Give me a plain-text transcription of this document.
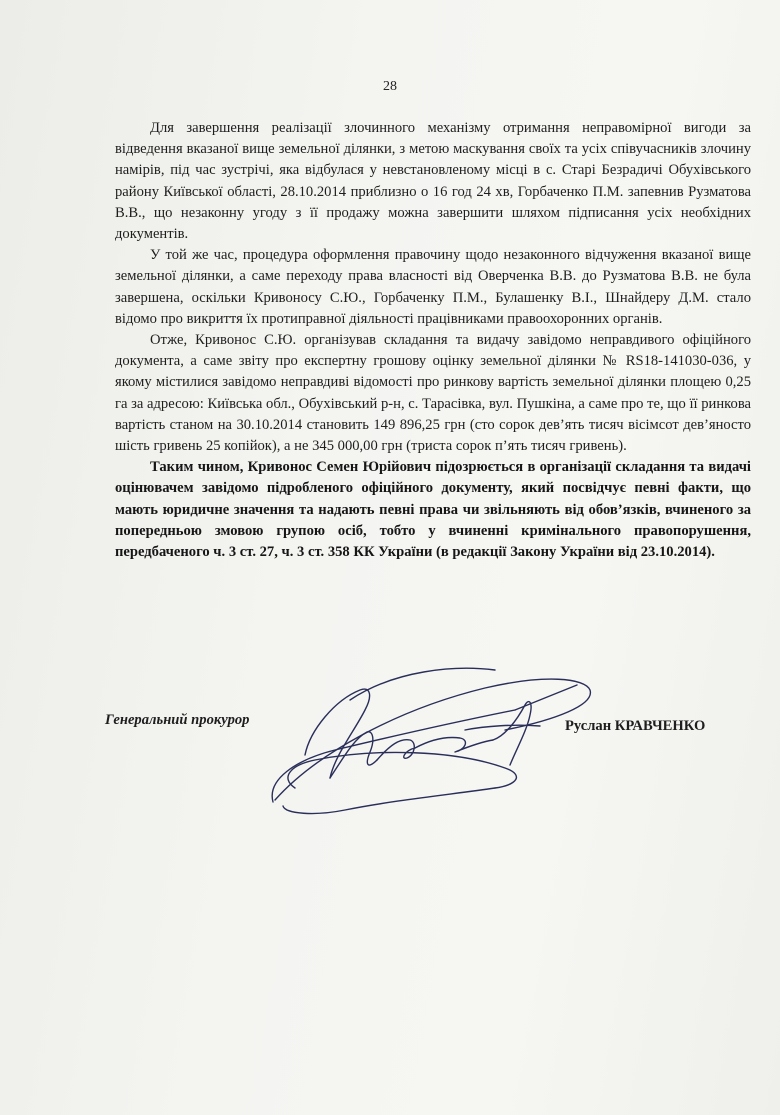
28

Для завершення реалізації злочинного механізму отримання неправомірної вигоди за відведення вказаної вище земельної ділянки, з метою маскування своїх та усіх співучасників злочину намірів, під час зустрічі, яка відбулася у невстановленому місці в с. Старі Безрадичі Обухівського району Київської області, 28.10.2014 приблизно о 16 год 24 хв, Горбаченко П.М. запевнив Рузматова В.В., що незаконну угоду з її продажу можна завершити шляхом підписання усіх необхідних документів.

У той же час, процедура оформлення правочину щодо незаконного відчуження вказаної вище земельної ділянки, а саме переходу права власності від Оверченка В.В. до Рузматова В.В. не була завершена, оскільки Кривоносу С.Ю., Горбаченку П.М., Булашенку В.І., Шнайдеру Д.М. стало відомо про викриття їх протиправної діяльності працівниками правоохоронних органів.

Отже, Кривонос С.Ю. організував складання та видачу завідомо неправдивого офіційного документа, а саме звіту про експертну грошову оцінку земельної ділянки № RS18-141030-036, у якому містилися завідомо неправдиві відомості про ринкову вартість земельної ділянки площею 0,25 га за адресою: Київська обл., Обухівський р-н, с. Тарасівка, вул. Пушкіна, а саме про те, що її ринкова вартість станом на 30.10.2014 становить 149 896,25 грн (сто сорок дев’ять тисяч вісімсот дев’яносто шість гривень 25 копійок), а не 345 000,00 грн (триста сорок п’ять тисяч гривень).

Таким чином, Кривонос Семен Юрійович підозрюється в організації складання та видачі оцінювачем завідомо підробленого офіційного документу, який посвідчує певні факти, що мають юридичне значення та надають певні права чи звільняють від обов’язків, вчиненого за попередньою змовою групою осіб, тобто у вчиненні кримінального правопорушення, передбаченого ч. 3 ст. 27, ч. 3 ст. 358 КК України (в редакції Закону України від 23.10.2014).

Генеральний прокурор	Руслан КРАВЧЕНКО
